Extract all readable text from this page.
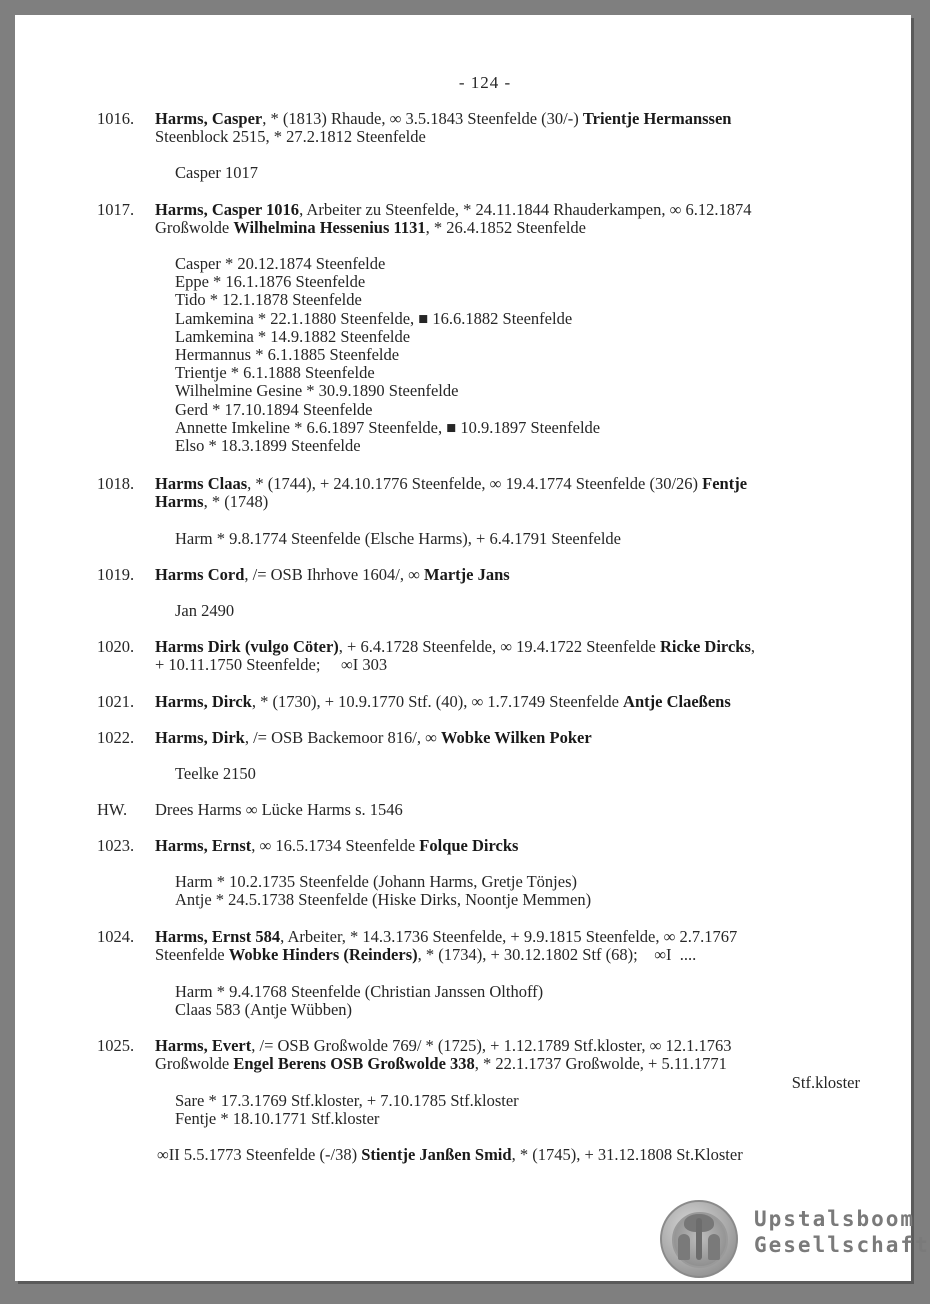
- 124 -
1016.	Harms, Casper, * (1813) Rhaude, ∞ 3.5.1843 Steenfelde (30/-) Trientje Hermanssen
Steenblock 2515, * 27.2.1812 Steenfelde
Casper 1017
1017.	Harms, Casper 1016, Arbeiter zu Steenfelde, * 24.11.1844 Rhauderkampen, ∞ 6.12.1874
Großwolde Wilhelmina Hessenius 1131, * 26.4.1852 Steenfelde
Casper * 20.12.1874 Steenfelde
Eppe * 16.1.1876 Steenfelde
Tido * 12.1.1878 Steenfelde
Lamkemina * 22.1.1880 Steenfelde, ■ 16.6.1882 Steenfelde
Lamkemina * 14.9.1882 Steenfelde
Hermannus * 6.1.1885 Steenfelde
Trientje * 6.1.1888 Steenfelde
Wilhelmine Gesine * 30.9.1890 Steenfelde
Gerd * 17.10.1894 Steenfelde
Annette Imkeline * 6.6.1897 Steenfelde, ■ 10.9.1897 Steenfelde
Elso * 18.3.1899 Steenfelde
1018.	Harms Claas, * (1744), + 24.10.1776 Steenfelde, ∞ 19.4.1774 Steenfelde (30/26) Fentje
Harms, * (1748)
Harm * 9.8.1774 Steenfelde (Elsche Harms), + 6.4.1791 Steenfelde
1019.	Harms Cord, /= OSB Ihrhove 1604/, ∞ Martje Jans
Jan 2490
1020.	Harms Dirk (vulgo Cöter), + 6.4.1728 Steenfelde, ∞ 19.4.1722 Steenfelde Ricke Dircks,
+ 10.11.1750 Steenfelde;     ∞I 303
1021.	Harms, Dirck, * (1730), + 10.9.1770 Stf. (40), ∞ 1.7.1749 Steenfelde Antje Claeßens
1022.	Harms, Dirk, /= OSB Backemoor 816/, ∞ Wobke Wilken Poker
Teelke 2150
HW.	Drees Harms ∞ Lücke Harms s. 1546
1023.	Harms, Ernst, ∞ 16.5.1734 Steenfelde Folque Dircks
Harm * 10.2.1735 Steenfelde (Johann Harms, Gretje Tönjes)
Antje * 24.5.1738 Steenfelde (Hiske Dirks, Noontje Memmen)
1024.	Harms, Ernst 584, Arbeiter, * 14.3.1736 Steenfelde, + 9.9.1815 Steenfelde, ∞ 2.7.1767
Steenfelde Wobke Hinders (Reinders), * (1734), + 30.12.1802 Stf (68);    ∞I  ....
Harm * 9.4.1768 Steenfelde (Christian Janssen Olthoff)
Claas 583 (Antje Wübben)
1025.	Harms, Evert, /= OSB Großwolde 769/ * (1725), + 1.12.1789 Stf.kloster, ∞ 12.1.1763
Großwolde Engel Berens OSB Großwolde 338, * 22.1.1737 Großwolde, + 5.11.1771
Stf.kloster
Sare * 17.3.1769 Stf.kloster, + 7.10.1785 Stf.kloster
Fentje * 18.10.1771 Stf.kloster
∞II 5.5.1773 Steenfelde (-/38) Stientje Janßen Smid, * (1745), + 31.12.1808 St.Kloster
Upstalsboom
Gesellschaft
